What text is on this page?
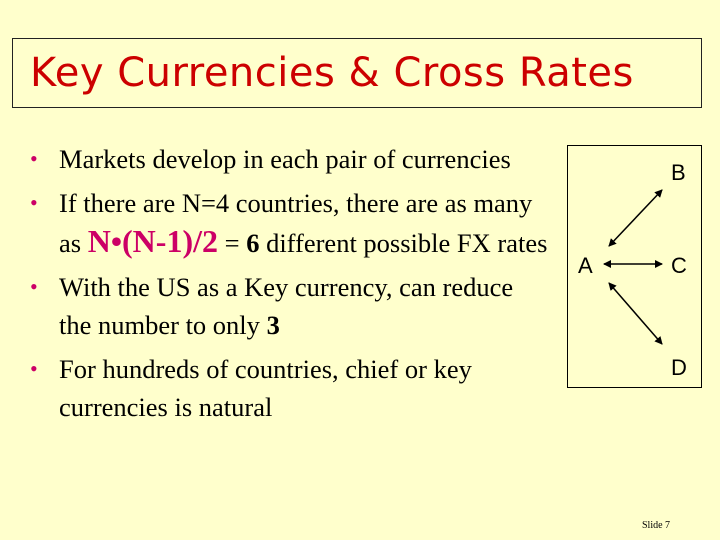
Key Currencies & Cross Rates
• Markets develop in each pair of currencies
• If there are N=4 countries, there are as many as N•(N-1)/2 = 6 different possible FX rates
• With the US as a Key currency, can reduce the number to only 3
• For hundreds of countries, chief or key currencies is natural
B
A	C
D
Slide 7
